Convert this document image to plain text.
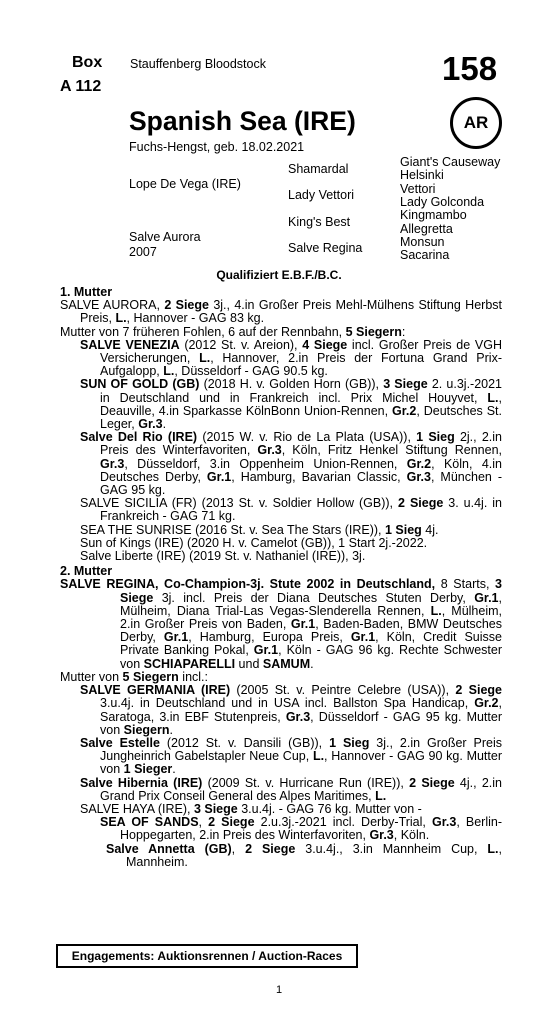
Box
A 112
Stauffenberg Bloodstock	158
Spanish Sea (IRE)	AR
Fuchs-Hengst, geb. 18.02.2021
Lope De Vega (IRE)
Salve Aurora
2007
Shamardal
Lady Vettori
King's Best
Salve Regina
Giant's Causeway
Helsinki
Vettori
Lady Golconda
Kingmambo
Allegretta
Monsun
Sacarina
Qualifiziert E.B.F./B.C.

1. Mutter

SALVE AURORA, 2 Siege 3j., 4.in Großer Preis Mehl-Mülhens Stiftung Herbst Preis, L., Hannover - GAG 83 kg.

Mutter von 7 früheren Fohlen, 6 auf der Rennbahn, 5 Siegern:

SALVE VENEZIA (2012 St. v. Areion), 4 Siege incl. Großer Preis de VGH Versicherungen, L., Hannover, 2.in Preis der Fortuna Grand Prix-Aufgalopp, L., Düsseldorf - GAG 90.5 kg.

SUN OF GOLD (GB) (2018 H. v. Golden Horn (GB)), 3 Siege 2. u.3j.-2021 in Deutschland und in Frankreich incl. Prix Michel Houyvet, L., Deauville, 4.in Sparkasse KölnBonn Union-Rennen, Gr.2, Deutsches St. Leger, Gr.3.

Salve Del Rio (IRE) (2015 W. v. Rio de La Plata (USA)), 1 Sieg 2j., 2.in Preis des Winterfavoriten, Gr.3, Köln, Fritz Henkel Stiftung Rennen, Gr.3, Düsseldorf, 3.in Oppenheim Union-Rennen, Gr.2, Köln, 4.in Deutsches Derby, Gr.1, Hamburg, Bavarian Classic, Gr.3, München - GAG 95 kg.

SALVE SICILIA (FR) (2013 St. v. Soldier Hollow (GB)), 2 Siege 3. u.4j. in Frankreich - GAG 71 kg.

SEA THE SUNRISE (2016 St. v. Sea The Stars (IRE)), 1 Sieg 4j.

Sun of Kings (IRE) (2020 H. v. Camelot (GB)), 1 Start 2j.-2022.

Salve Liberte (IRE) (2019 St. v. Nathaniel (IRE)), 3j.

2. Mutter

SALVE REGINA, Co-Champion-3j. Stute 2002 in Deutschland, 8 Starts, 3 Siege 3j. incl. Preis der Diana Deutsches Stuten Derby, Gr.1, Mülheim, Diana Trial-Las Vegas-Slenderella Rennen, L., Mülheim, 2.in Großer Preis von Baden, Gr.1, Baden-Baden, BMW Deutsches Derby, Gr.1, Hamburg, Europa Preis, Gr.1, Köln, Credit Suisse Private Banking Pokal, Gr.1, Köln - GAG 96 kg. Rechte Schwester von SCHIAPARELLI und SAMUM.

Mutter von 5 Siegern incl.:

SALVE GERMANIA (IRE) (2005 St. v. Peintre Celebre (USA)), 2 Siege 3.u.4j. in Deutschland und in USA incl. Ballston Spa Handicap, Gr.2, Saratoga, 3.in EBF Stutenpreis, Gr.3, Düsseldorf - GAG 95 kg. Mutter von Siegern.

Salve Estelle (2012 St. v. Dansili (GB)), 1 Sieg 3j., 2.in Großer Preis Jungheinrich Gabelstapler Neue Cup, L., Hannover - GAG 90 kg. Mutter von 1 Sieger.

Salve Hibernia (IRE) (2009 St. v. Hurricane Run (IRE)), 2 Siege 4j., 2.in Grand Prix Conseil General des Alpes Maritimes, L.

SALVE HAYA (IRE), 3 Siege 3.u.4j. - GAG 76 kg. Mutter von -

SEA OF SANDS, 2 Siege 2.u.3j.-2021 incl. Derby-Trial, Gr.3, Berlin-Hoppegarten, 2.in Preis des Winterfavoriten, Gr.3, Köln.

Salve Annetta (GB), 2 Siege 3.u.4j., 3.in Mannheim Cup, L., Mannheim.

Engagements: Auktionsrennen / Auction-Races
1
